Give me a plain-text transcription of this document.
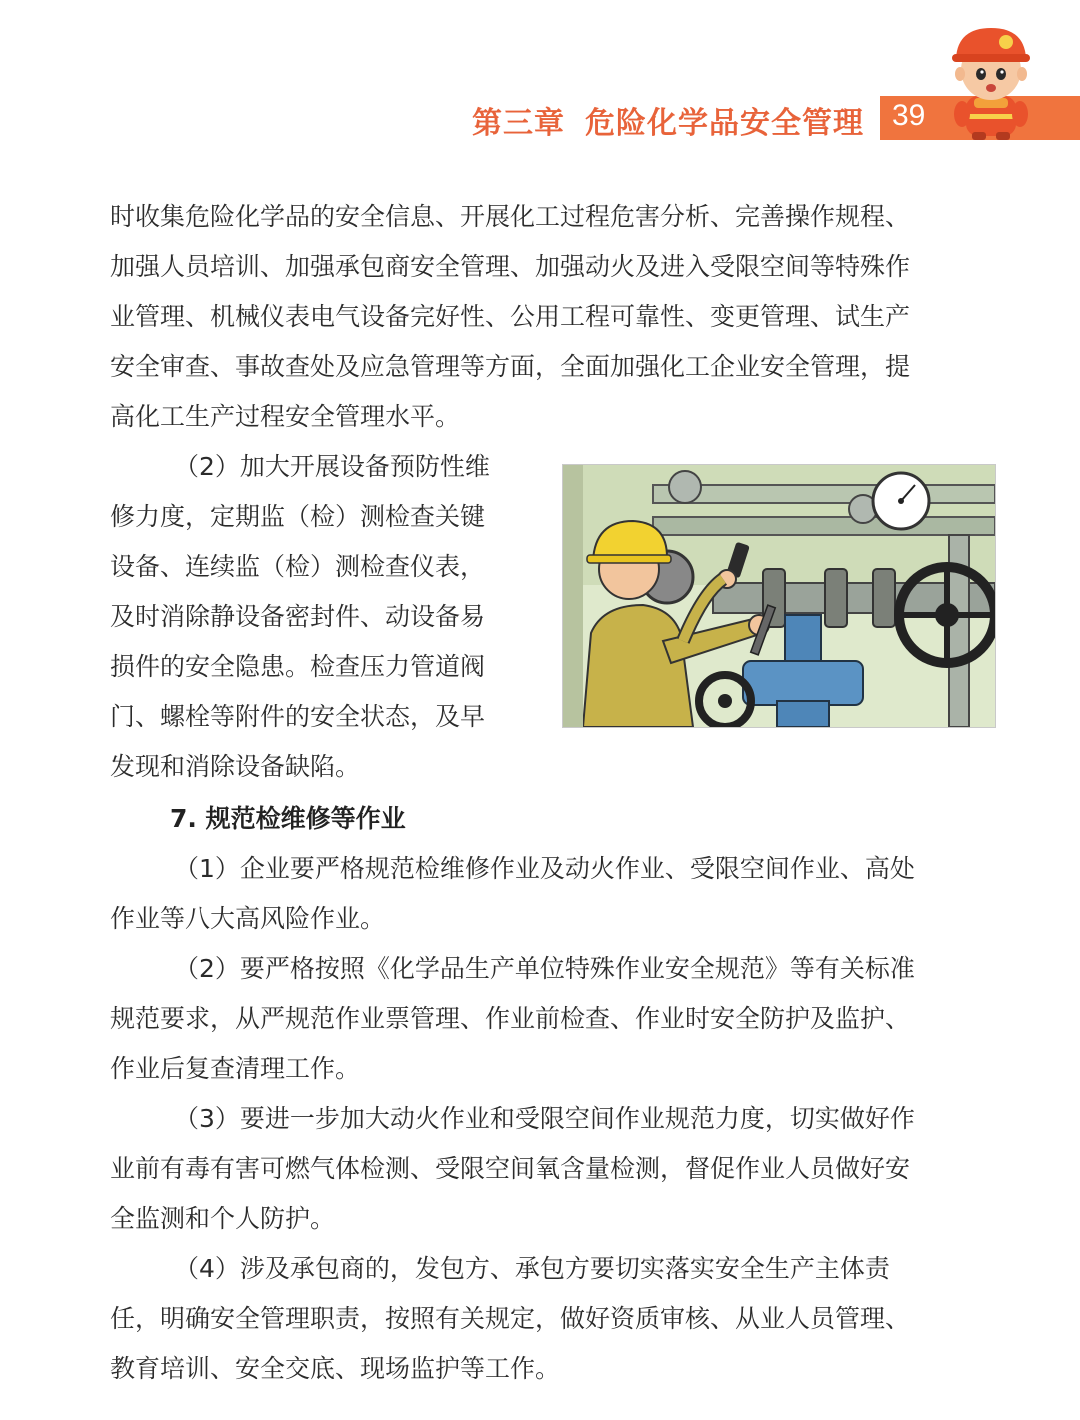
第三章 危险化学品安全管理 39
时收集危险化学品的安全信息、开展化工过程危害分析、完善操作规程、
加强人员培训、加强承包商安全管理、加强动火及进入受限空间等特殊作
业管理、机械仪表电气设备完好性、公用工程可靠性、变更管理、试生产
安全审查、事故查处及应急管理等方面，全面加强化工企业安全管理，提
高化工生产过程安全管理水平。
（2）加大开展设备预防性维
修力度，定期监（检）测检查关键
设备、连续监（检）测检查仪表，
及时消除静设备密封件、动设备易
损件的安全隐患。检查压力管道阀
门、螺栓等附件的安全状态，及早
发现和消除设备缺陷。
7. 规范检维修等作业
（1）企业要严格规范检维修作业及动火作业、受限空间作业、高处
作业等八大高风险作业。
（2）要严格按照《化学品生产单位特殊作业安全规范》等有关标准
规范要求，从严规范作业票管理、作业前检查、作业时安全防护及监护、
作业后复查清理工作。
（3）要进一步加大动火作业和受限空间作业规范力度，切实做好作
业前有毒有害可燃气体检测、受限空间氧含量检测，督促作业人员做好安
全监测和个人防护。
（4）涉及承包商的，发包方、承包方要切实落实安全生产主体责
任，明确安全管理职责，按照有关规定，做好资质审核、从业人员管理、
教育培训、安全交底、现场监护等工作。
